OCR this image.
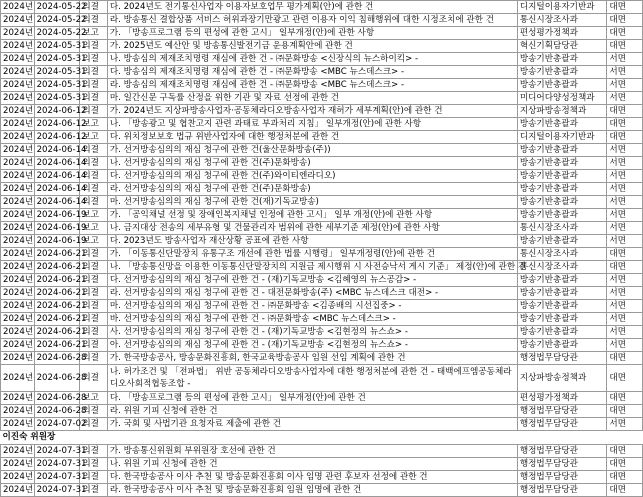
2024년	2024-05-22	의결	다. 2024년도 전기통신사업자 이용자보호업무 평가계획(안)에 관한 건	디지털이용자기반과	대면
2024년	2024-05-22	의결	라. 방송통신 결합상품 서비스 허위과장기만광고 관련 이용자 이익 침해행위에 대한 시정조치에 관한 건	통신시장조사과	대면
2024년	2024-05-22	보고	가. 「방송프로그램 등의 편성에 관한 고시」 일부개정(안)에 관한 사항	편성평가정책과	대면
2024년	2024-05-31	의결	가. 2025년도 예산안 및 방송통신발전기금 운용계획안에 관한 건	혁신기획담당관	대면
2024년	2024-05-31	의결	나. 방송심의 제재조치명령 재심에 관한 건 - ㈜문화방송 <신장식의 뉴스하이킥> -	방송기반총괄과	서면
2024년	2024-05-31	의결	다. 방송심의 제재조치명령 재심에 관한 건 - ㈜문화방송 <MBC 뉴스데스크> -	방송기반총괄과	서면
2024년	2024-05-31	의결	라. 방송심의 제재조치명령 재심에 관한 건 - ㈜문화방송 <MBC 뉴스데스크> -	방송기반총괄과	서면
2024년	2024-05-31	의결	마. 일간신문 구독률 산정을 위한 기관 및 자료 선정에 관한 건	미디어다양성정책과	서면
2024년	2024-06-12	의결	가. 2024년도 지상파방송사업자·공동체라디오방송사업자 재허가 세부계획(안)에 관한 건	지상파방송정책과	대면
2024년	2024-06-12	보고	나. 「방송광고 및 협찬고지 관련 과태료 부과처리 지침」 일부개정(안)에 관한 사항	방송기반총괄과	대면
2024년	2024-06-12	보고	다. 위치정보보호 법규 위반사업자에 대한 행정처분에 관한 건	디지털이용자기반과	대면
2024년	2024-06-14	의결	가. 선거방송심의의 재심 청구에 관한 건(울산문화방송(주))	방송기반총괄과	서면
2024년	2024-06-14	의결	나. 선거방송심의의 재심 청구에 관한 건(주)문화방송)	방송기반총괄과	서면
2024년	2024-06-14	의결	다. 선거방송심의의 재심 청구에 관한 건(주)와이티엔라디오)	방송기반총괄과	서면
2024년	2024-06-14	의결	라. 선거방송심의의 재심 청구에 관한 건(주)문화방송)	방송기반총괄과	서면
2024년	2024-06-14	의결	마. 선거방송심의의 재심 청구에 관한 건(재)기독교방송)	방송기반총괄과	서면
2024년	2024-06-19	보고	가. 「공익채널 선정 및 장애인복지채널 인정에 관한 고시」 일부 개정(안)에 관한 사항	방송기반총괄과	서면
2024년	2024-06-19	보고	나. 금지대상 전송의 세부유형 및 건물관리자 범위에 관한 세부기준 제정(안)에 관한 사항	통신시장조사과	서면
2024년	2024-06-19	보고	다. 2023년도 방송사업자 재산상황 공표에 관한 사항	방송기반총괄과	서면
2024년	2024-06-21	의결	가. 「이동통신단말장치 유통구조 개선에 관한 법률 시행령」 일부개정령(안)에 관한 건	통신시장조사과	대면
2024년	2024-06-21	의결	나. 「방송통신망을 이용한 이동통신단말장치의 지원금 제시행위 시 사전승낙서 게시 기준」 제정(안)에 관한 건	통신시장조사과	대면
2024년	2024-06-21	의결	다. 선거방송심의의 재심 청구에 관한 건 - (재)기독교방송 <김혜영의 뉴스공감> -	방송기반총괄과	서면
2024년	2024-06-21	의결	라. 선거방송심의의 재심 청구에 관한 건 - 대전문화방송(주) <MBC 뉴스데스크 대전> -	방송기반총괄과	서면
2024년	2024-06-21	의결	마. 선거방송심의의 재심 청구에 관한 건 - ㈜문화방송 <김종배의 시선집중> -	방송기반총괄과	서면
2024년	2024-06-21	의결	바. 선거방송심의의 재심 청구에 관한 건 - ㈜문화방송 <MBC 뉴스데스크> -	방송기반총괄과	서면
2024년	2024-06-21	의결	사. 선거방송심의의 재심 청구에 관한 건 - (재)기독교방송 <김현정의 뉴스쇼> -	방송기반총괄과	서면
2024년	2024-06-21	의결	아. 선거방송심의의 재심 청구에 관한 건 - (재)기독교방송 <김현정의 뉴스쇼> -	방송기반총괄과	서면
2024년	2024-06-28	의결	가. 한국방송공사, 방송문화진흥회, 한국교육방송공사 임원 선임 계획에 관한 건	행정법무담당관	대면
2024년	2024-06-28	의결	나. 허가조건 및 「전파법」 위반 공동체라디오방송사업자에 대한 행정처분에 관한 건 - 태백에프엠공동체라디오사회적협동조합 -	지상파방송정책과	대면
2024년	2024-06-28	보고	다. 「방송프로그램 등의 편성에 관한 고시」 일부개정(안)에 관한 건	편성평가정책과	대면
2024년	2024-06-28	의결	라. 위원 기피 신청에 관한 건	행정법무담당관	대면
2024년	2024-07-02	의결	가. 국회 및 사법기관 요청자료 제출에 관한 건	행정법무담당관	서면
이진숙 위원장					
2024년	2024-07-31	의결	가. 방송통신위원회 부위원장 호선에 관한 건	행정법무담당관	대면
2024년	2024-07-31	의결	나. 위원 기피 신청에 관한 건	행정법무담당관	대면
2024년	2024-07-31	의결	다. 한국방송공사 이사 추천 및 방송문화진흥회 이사 임명 관련 후보자 선정에 관한 건	행정법무담당관	대면
2024년	2024-07-31	의결	라. 한국방송공사 이사 추천 및 방송문화진흥회 임원 임명에 관한 건	행정법무담당관	대면
